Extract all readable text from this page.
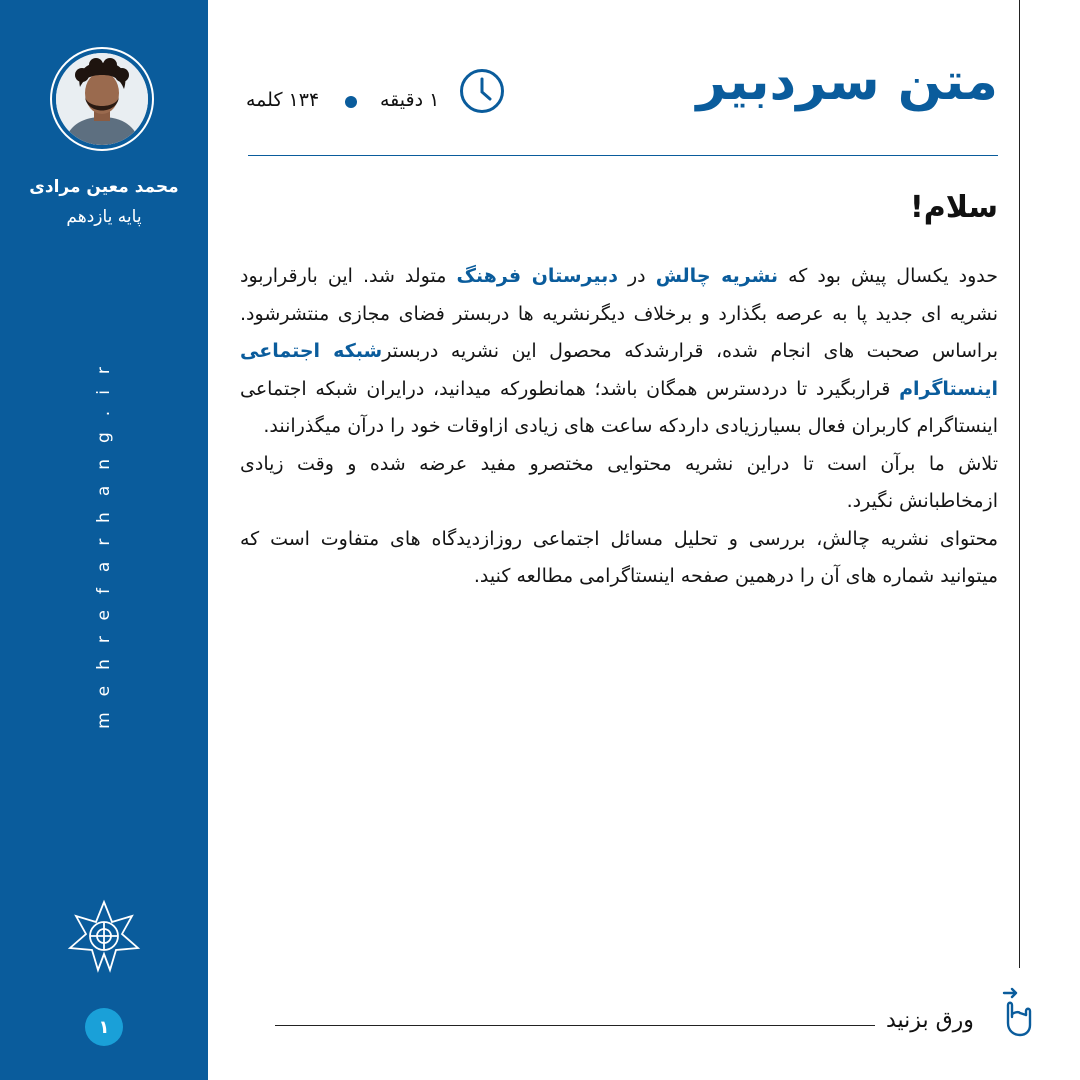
محمد معین مرادی
پایه یازدهم
mehrefarhang.ir
۱
متن سردبیر
۱ دقیقه
۱۳۴ کلمه
سلام!

حدود یکسال پیش بود که نشریه چالش در دبیرستان فرهنگ متولد شد. این بارقراربود نشریه ای جدید پا به عرصه بگذارد و برخلاف دیگرنشریه ها دربستر فضای مجازی منتشرشود. براساس صحبت های انجام شده، قرارشدکه محصول این نشریه دربسترشبکه اجتماعی اینستاگرام قراربگیرد تا دردسترس همگان باشد؛ همانطورکه میدانید، درایران شبکه اجتماعی اینستاگرام کاربران فعال بسیارزیادی داردکه ساعت های زیادی ازاوقات خود را درآن میگذرانند.

تلاش ما برآن است تا دراین نشریه محتوایی مختصرو مفید عرضه شده و وقت زیادی ازمخاطبانش نگیرد.

محتوای نشریه چالش، بررسی و تحلیل مسائل اجتماعی روزازدیدگاه های متفاوت است که میتوانید شماره های آن را درهمین صفحه اینستاگرامی مطالعه کنید.

ورق بزنید
